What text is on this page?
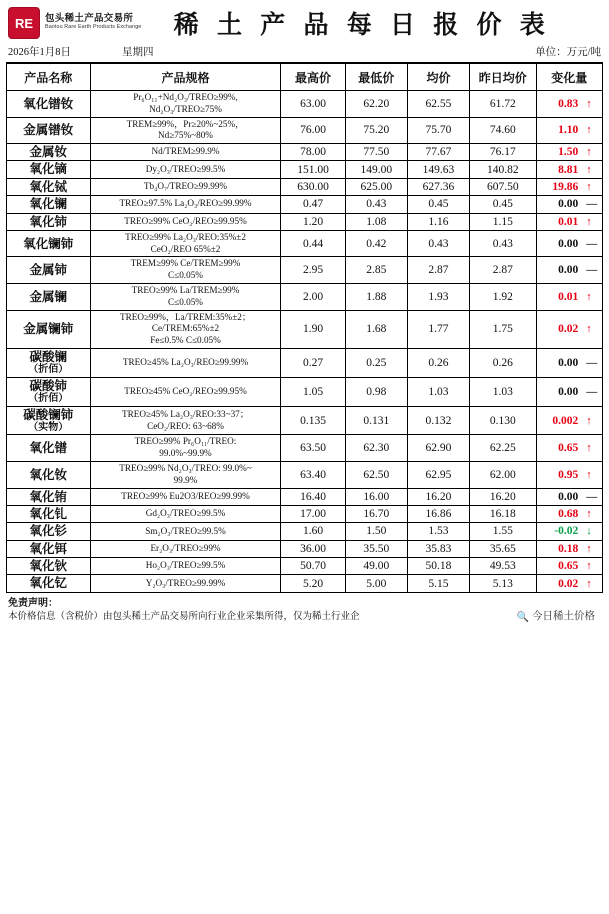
RE	包头稀土产品交易所
Baotou Rare Earth Products Exchange	稀 土 产 品 每 日 报 价 表
2026年1月8日	星期四	单位：万元/吨
产品名称	产品规格	最高价	最低价	均价	昨日均价	变化量
氧化镨钕	Pr₆O₁₁+Nd₂O₃/TREO≥99%,
Nd₂O₃/TREO≥75%	63.00	62.20	62.55	61.72	0.83 ↑

金属镨钕	TREM≥99%，Pr≥20%~25%，
Nd≥75%~80%	76.00	75.20	75.70	74.60	1.10 ↑

金属钕	Nd/TREM≥99.9%	78.00	77.50	77.67	76.17	1.50 ↑

氧化镝	Dy₂O₃/TREO≥99.5%	151.00	149.00	149.63	140.82	8.81 ↑

氧化铽	Tb₄O₇/TREO≥99.99%	630.00	625.00	627.36	607.50	19.86 ↑

氧化镧	TREO≥97.5% La₂O₃/REO≥99.99%	0.47	0.43	0.45	0.45	0.00 —

氧化铈	TREO≥99% CeO₂/REO≥99.95%	1.20	1.08	1.16	1.15	0.01 ↑

氧化镧铈	TREO≥99% La₂O₃/REO:35%±2
CeO₂/REO 65%±2	0.44	0.42	0.43	0.43	0.00 —

金属铈	TREM≥99% Ce/TREM≥99%
C≤0.05%	2.95	2.85	2.87	2.87	0.00 —

金属镧	TREO≥99% La/TREM≥99%
C≤0.05%	2.00	1.88	1.93	1.92	0.01 ↑

金属镧铈	TREO≥99%，La/TREM:35%±2；
Ce/TREM:65%±2
Fe≤0.5% C≤0.05%	1.90	1.68	1.77	1.75	0.02 ↑

碳酸镧
（折佰）	TREO≥45% La₂O₃/REO≥99.99%	0.27	0.25	0.26	0.26	0.00 —

碳酸铈
（折佰）	TREO≥45% CeO₂/REO≥99.95%	1.05	0.98	1.03	1.03	0.00 —

碳酸镧铈
（实物）	TREO≥45% La₂O₃/REO:33~37；
CeO₂/REO: 63~68%	0.135	0.131	0.132	0.130	0.002 ↑

氧化镨	TREO≥99% Pr₆O₁₁/TREO:
99.0%~99.9%	63.50	62.30	62.90	62.25	0.65 ↑

氧化钕	TREO≥99% Nd₂O₃/TREO: 99.0%~
99.9%	63.40	62.50	62.95	62.00	0.95 ↑

氧化铕	TREO≥99% Eu2O3/REO≥99.99%	16.40	16.00	16.20	16.20	0.00 —

氧化钆	Gd₂O₃/TREO≥99.5%	17.00	16.70	16.86	16.18	0.68 ↑

氧化钐	Sm₂O₃/TREO≥99.5%	1.60	1.50	1.53	1.55	-0.02 ↓

氧化铒	Er₂O₃/TREO≥99%	36.00	35.50	35.83	35.65	0.18 ↑

氧化钬	Ho₂O₃/TREO≥99.5%	50.70	49.00	50.18	49.53	0.65 ↑

氧化钇	Y₂O₃/TREO≥99.99%	5.20	5.00	5.15	5.13	0.02 ↑
免责声明：
本价格信息（含税价）由包头稀土产品交易所向行业企业采集所得，仅为稀土行业企	🔍 今日稀土价格
